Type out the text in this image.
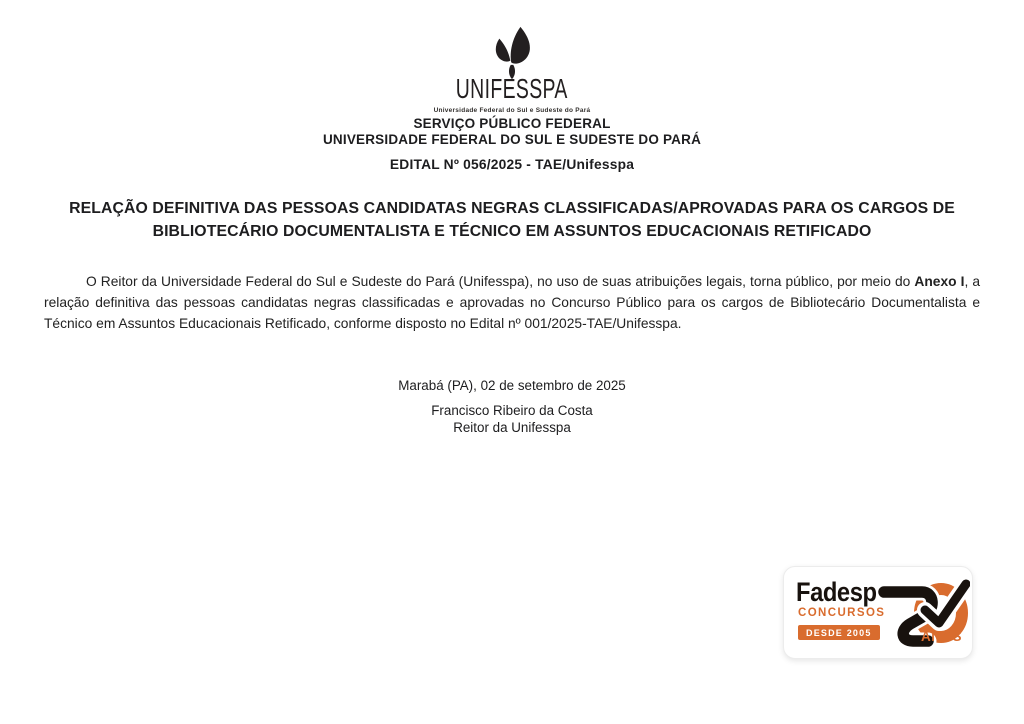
UNIFESSPA
Universidade Federal do Sul e Sudeste do Pará
SERVIÇO PÚBLICO FEDERAL
UNIVERSIDADE FEDERAL DO SUL E SUDESTE DO PARÁ
EDITAL Nº 056/2025 - TAE/Unifesspa
RELAÇÃO DEFINITIVA DAS PESSOAS CANDIDATAS NEGRAS CLASSIFICADAS/APROVADAS PARA OS CARGOS DE BIBLIOTECÁRIO DOCUMENTALISTA E TÉCNICO EM ASSUNTOS EDUCACIONAIS RETIFICADO

O Reitor da Universidade Federal do Sul e Sudeste do Pará (Unifesspa), no uso de suas atribuições legais, torna público, por meio do Anexo I, a relação definitiva das pessoas candidatas negras classificadas e aprovadas no Concurso Público para os cargos de Bibliotecário Documentalista e Técnico em Assuntos Educacionais Retificado, conforme disposto no Edital nº 001/2025-TAE/Unifesspa.

Marabá (PA), 02 de setembro de 2025
Francisco Ribeiro da Costa
Reitor da Unifesspa
Fadesp
CONCURSOS
DESDE 2005	ANOS
